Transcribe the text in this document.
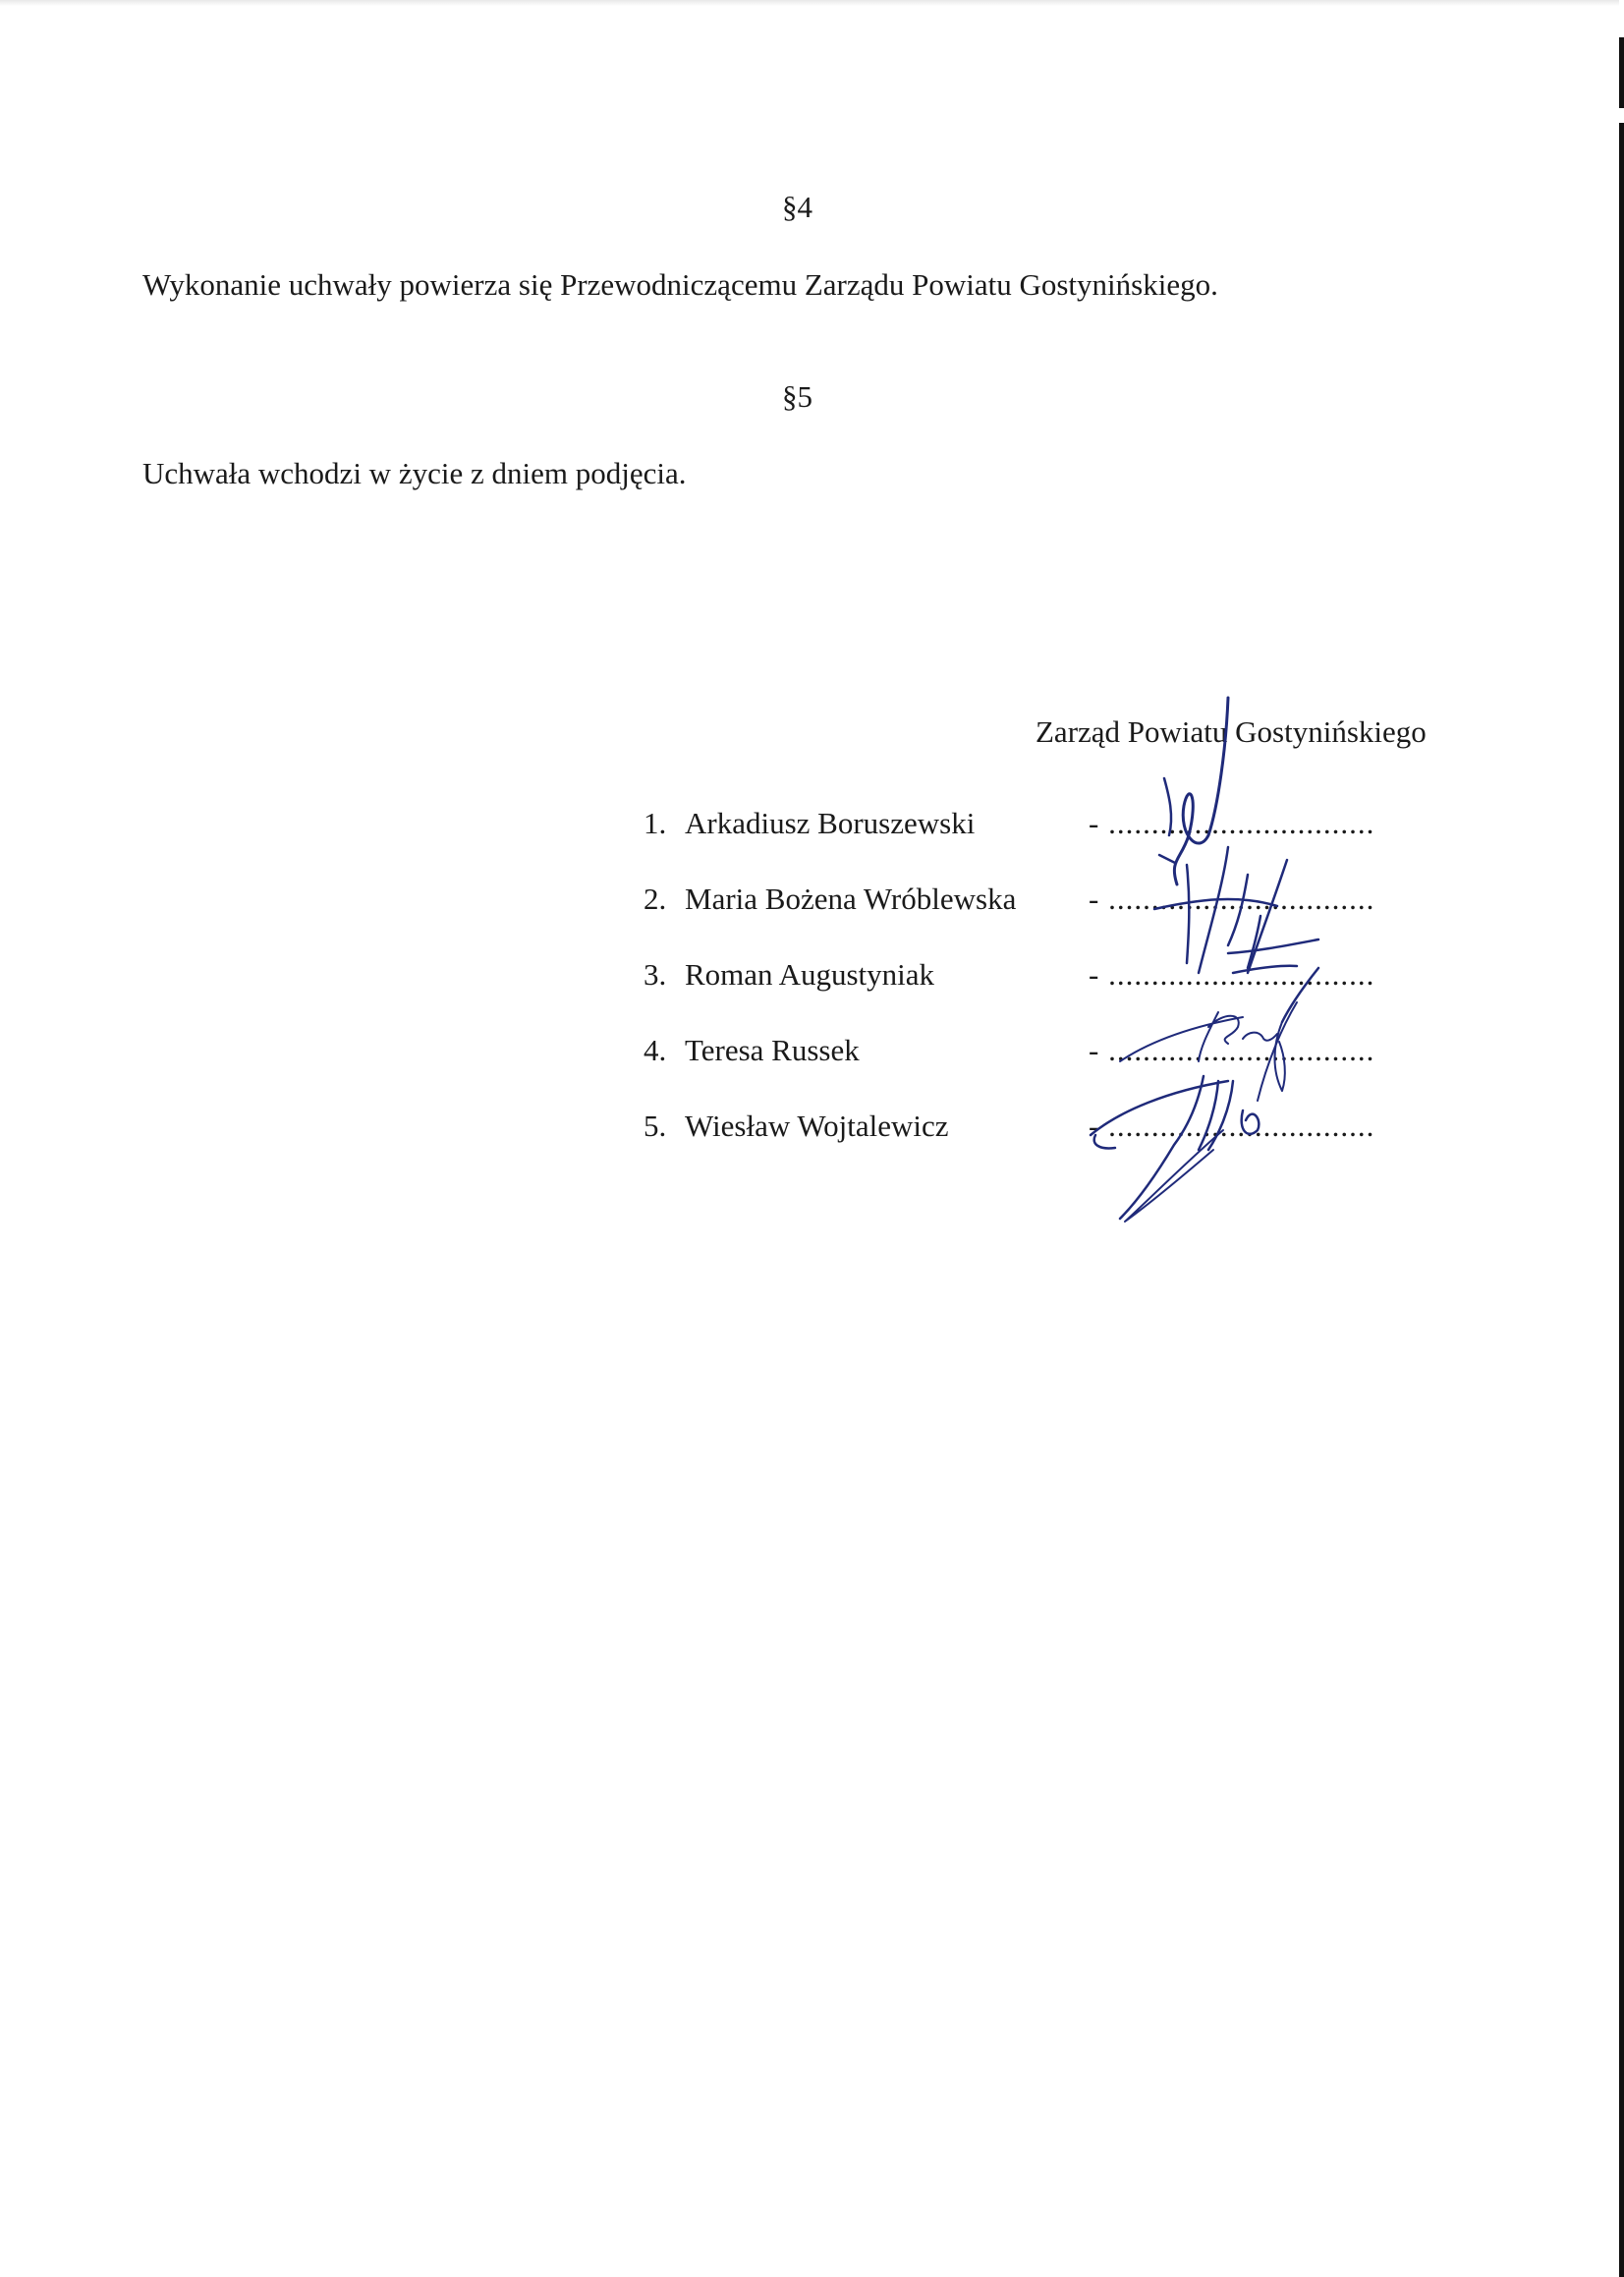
§4
Wykonanie uchwały powierza się Przewodniczącemu Zarządu Powiatu Gostynińskiego.
§5
Uchwała wchodzi w życie z dniem podjęcia.
Zarząd Powiatu Gostynińskiego
1. Arkadiusz Boruszewski	- ...............................
2. Maria Bożena Wróblewska - ...............................
3. Roman Augustyniak	- ...............................
4. Teresa Russek	- ...............................
5. Wiesław Wojtalewicz	- ...............................
